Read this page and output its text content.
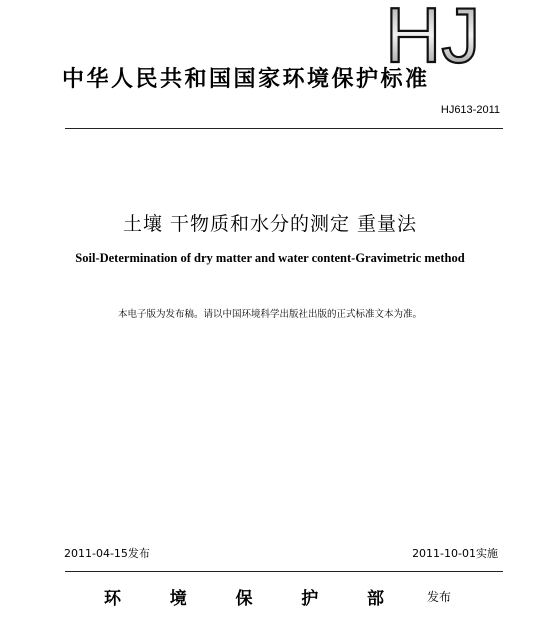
HJ
中华人民共和国国家环境保护标准
HJ613-2011
土壤 干物质和水分的测定 重量法
Soil-Determination of dry matter and water content-Gravimetric method
本电子版为发布稿。请以中国环境科学出版社出版的正式标准文本为准。
2011-04-15发布	2011-10-01实施
环	境	保	护	部	发布
